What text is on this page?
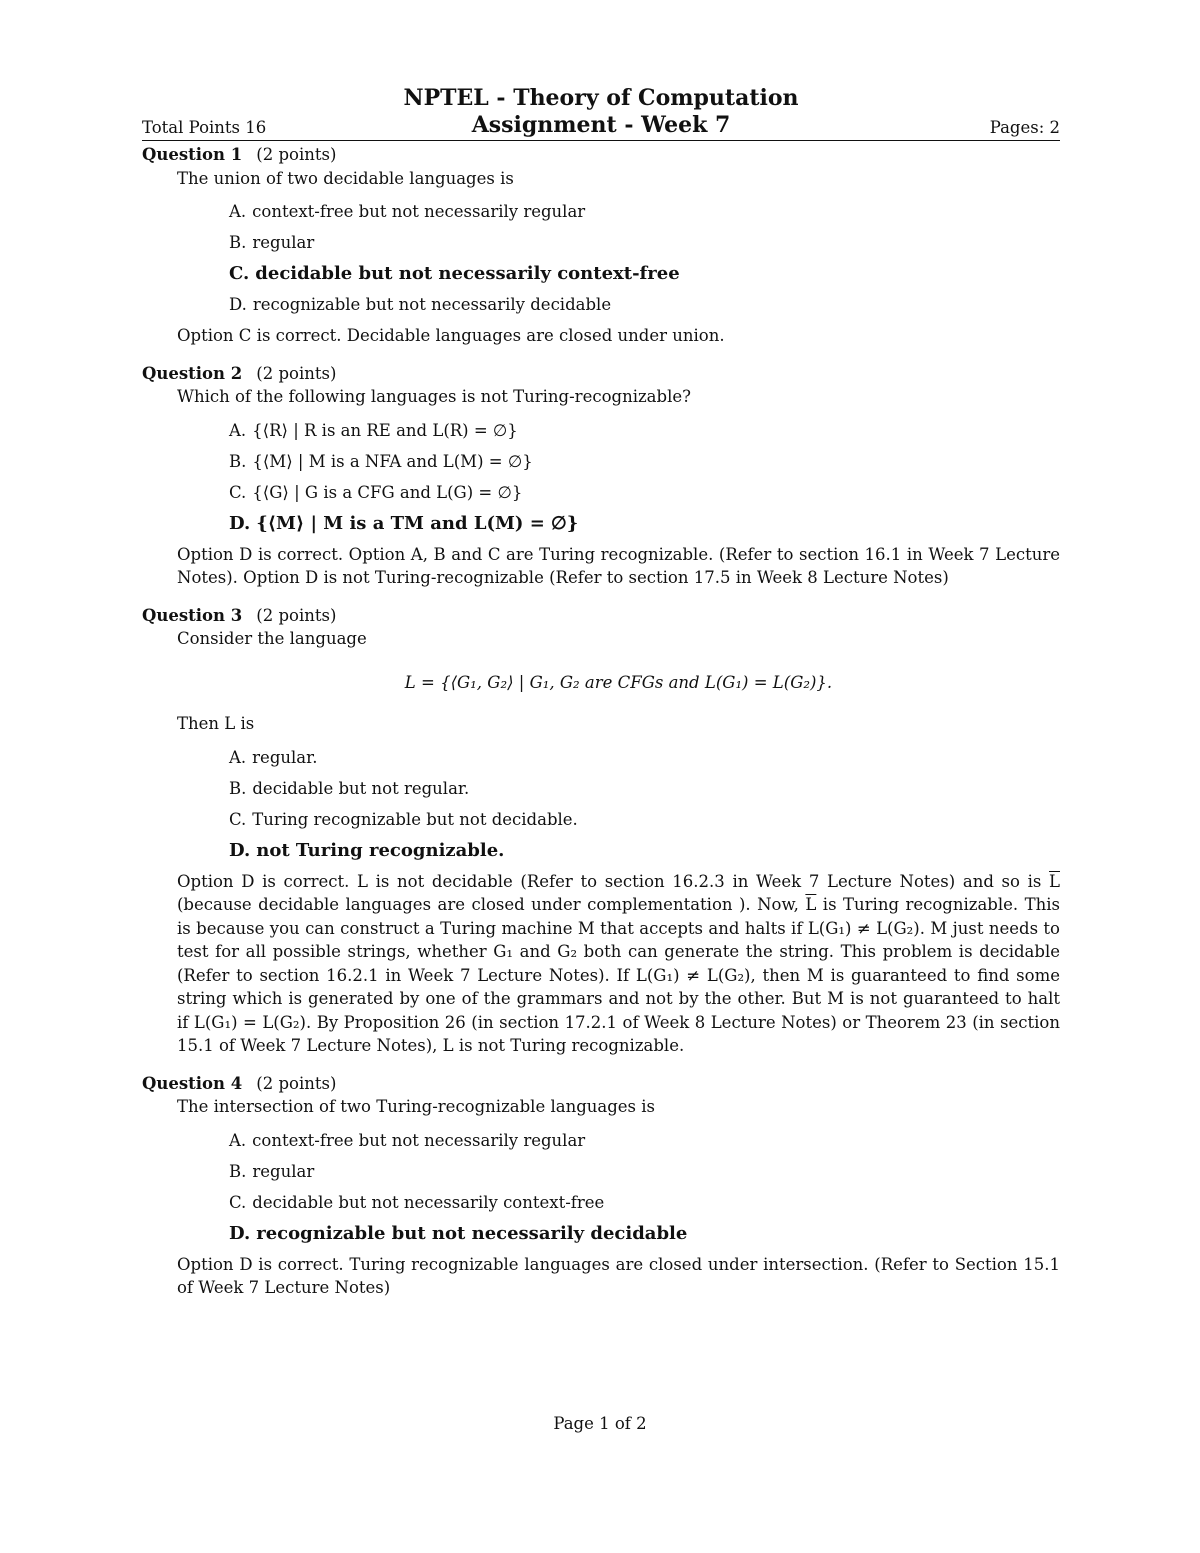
NPTEL - Theory of Computation
Total Points 16	Assignment - Week 7	Pages: 2
Question 1 (2 points)
The union of two decidable languages is
A. context-free but not necessarily regular
B. regular
C. decidable but not necessarily context-free
D. recognizable but not necessarily decidable
Option C is correct. Decidable languages are closed under union.
Question 2 (2 points)
Which of the following languages is not Turing-recognizable?
A. {⟨R⟩ | R is an RE and L(R) = ∅}
B. {⟨M⟩ | M is a NFA and L(M) = ∅}
C. {⟨G⟩ | G is a CFG and L(G) = ∅}
D. {⟨M⟩ | M is a TM and L(M) = ∅}
Option D is correct. Option A, B and C are Turing recognizable. (Refer to section 16.1 in Week 7 Lecture Notes). Option D is not Turing-recognizable (Refer to section 17.5 in Week 8 Lecture Notes)
Question 3 (2 points)
Consider the language
L = {⟨G₁, G₂⟩ | G₁, G₂ are CFGs and L(G₁) = L(G₂)}.
Then L is
A. regular.
B. decidable but not regular.
C. Turing recognizable but not decidable.
D. not Turing recognizable.
Option D is correct. L is not decidable (Refer to section 16.2.3 in Week 7 Lecture Notes) and so is $\overline{L}$ (because decidable languages are closed under complementation ). Now, $\overline{L}$ is Turing recognizable. This is because you can construct a Turing machine M that accepts and halts if L(G₁) ≠ L(G₂). M just needs to test for all possible strings, whether G₁ and G₂ both can generate the string. This problem is decidable (Refer to section 16.2.1 in Week 7 Lecture Notes). If L(G₁) ≠ L(G₂), then M is guaranteed to find some string which is generated by one of the grammars and not by the other. But M is not guaranteed to halt if L(G₁) = L(G₂). By Proposition 26 (in section 17.2.1 of Week 8 Lecture Notes) or Theorem 23 (in section 15.1 of Week 7 Lecture Notes), L is not Turing recognizable.
Question 4 (2 points)
The intersection of two Turing-recognizable languages is
A. context-free but not necessarily regular
B. regular
C. decidable but not necessarily context-free
D. recognizable but not necessarily decidable
Option D is correct. Turing recognizable languages are closed under intersection. (Refer to Section 15.1 of Week 7 Lecture Notes)
Page 1 of 2
